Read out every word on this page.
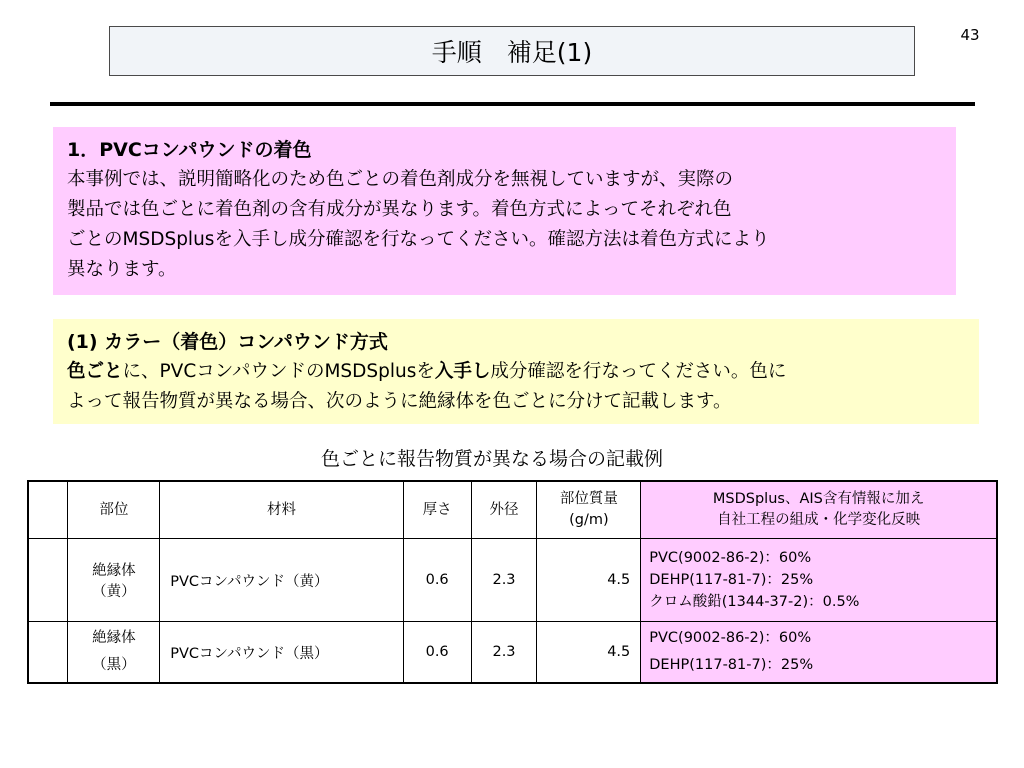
43
手順　補足(1)
1．PVCコンパウンドの着色
本事例では、説明簡略化のため色ごとの着色剤成分を無視していますが、実際の
製品では色ごとに着色剤の含有成分が異なります。着色方式によってそれぞれ色
ごとのMSDSplusを入手し成分確認を行なってください。確認方法は着色方式により
異なります。
(1) カラー（着色）コンパウンド方式
色ごとに、PVCコンパウンドのMSDSplusを入手し成分確認を行なってください。色に
よって報告物質が異なる場合、次のように絶縁体を色ごとに分けて記載します。
色ごとに報告物質が異なる場合の記載例
	部位	材料	厚さ	外径	部位質量
(g/m)	MSDSplus、AIS含有情報に加え
自社工程の組成・化学変化反映

	絶縁体
（黄）	PVCコンパウンド（黄）	0.6	2.3	4.5	PVC(9002-86-2)：60%
DEHP(117-81-7)：25%
クロム酸鉛(1344-37-2)：0.5%

	絶縁体
（黒）	PVCコンパウンド（黒）	0.6	2.3	4.5	PVC(9002-86-2)：60%
DEHP(117-81-7)：25%
